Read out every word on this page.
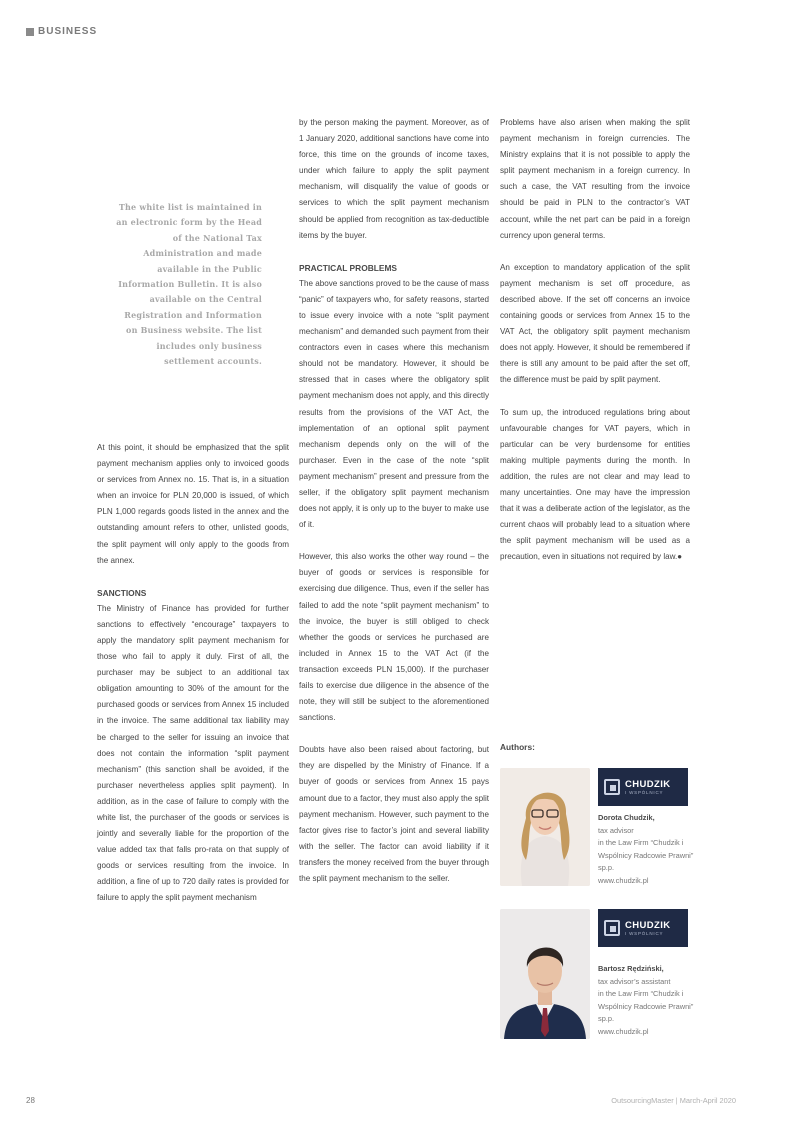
BUSINESS
The white list is maintained in an electronic form by the Head of the National Tax Administration and made available in the Public Information Bulletin. It is also available on the Central Registration and Information on Business website. The list includes only business settlement accounts.

At this point, it should be emphasized that the split payment mechanism applies only to invoiced goods or services from Annex no. 15. That is, in a situation when an invoice for PLN 20,000 is issued, of which PLN 1,000 regards goods listed in the annex and the outstanding amount refers to other, unlisted goods, the split payment will only apply to the goods from the annex.

SANCTIONS

The Ministry of Finance has provided for further sanctions to effectively “encourage” taxpayers to apply the mandatory split payment mechanism for those who fail to apply it duly. First of all, the purchaser may be subject to an additional tax obligation amounting to 30% of the amount for the purchased goods or services from Annex 15 included in the invoice. The same additional tax liability may be charged to the seller for issuing an invoice that does not contain the information “split payment mechanism” (this sanction shall be avoided, if the purchaser nevertheless applies split payment). In addition, as in the case of failure to comply with the white list, the purchaser of the goods or services is jointly and severally liable for the proportion of the value added tax that falls pro-rata on that supply of goods or services resulting from the invoice. In addition, a fine of up to 720 daily rates is provided for failure to apply the split payment mechanism

by the person making the payment. Moreover, as of 1 January 2020, additional sanctions have come into force, this time on the grounds of income taxes, under which failure to apply the split payment mechanism, will disqualify the value of goods or services to which the split payment mechanism should be applied from recognition as tax-deductible items by the buyer.

PRACTICAL PROBLEMS

The above sanctions proved to be the cause of mass “panic” of taxpayers who, for safety reasons, started to issue every invoice with a note “split payment mechanism” and demanded such payment from their contractors even in cases where this mechanism should not be mandatory. However, it should be stressed that in cases where the obligatory split payment mechanism does not apply, and this directly results from the provisions of the VAT Act, the implementation of an optional split payment mechanism depends only on the will of the purchaser. Even in the case of the note “split payment mechanism” present and pressure from the seller, if the obligatory split payment mechanism does not apply, it is only up to the buyer to make use of it.

However, this also works the other way round – the buyer of goods or services is responsible for exercising due diligence. Thus, even if the seller has failed to add the note “split payment mechanism” to the invoice, the buyer is still obliged to check whether the goods or services he purchased are included in Annex 15 to the VAT Act (if the transaction exceeds PLN 15,000). If the purchaser fails to exercise due diligence in the absence of the note, they will still be subject to the aforementioned sanctions.

Doubts have also been raised about factoring, but they are dispelled by the Ministry of Finance. If a buyer of goods or services from Annex 15 pays amount due to a factor, they must also apply the split payment mechanism. However, such payment to the factor gives rise to factor’s joint and several liability with the seller. The factor can avoid liability if it transfers the money received from the buyer through the split payment mechanism to the seller.

Problems have also arisen when making the split payment mechanism in foreign currencies. The Ministry explains that it is not possible to apply the split payment mechanism in a foreign currency. In such a case, the VAT resulting from the invoice should be paid in PLN to the contractor’s VAT account, while the net part can be paid in a foreign currency upon general terms.

An exception to mandatory application of the split payment mechanism is set off procedure, as described above. If the set off concerns an invoice containing goods or services from Annex 15 to the VAT Act, the obligatory split payment mechanism does not apply. However, it should be remembered if there is still any amount to be paid after the set off, the difference must be paid by split payment.

To sum up, the introduced regulations bring about unfavourable changes for VAT payers, which in particular can be very burdensome for entities making multiple payments during the month. In addition, the rules are not clear and may lead to many uncertainties. One may have the impression that it was a deliberate action of the legislator, as the current chaos will probably lead to a situation where the split payment mechanism will be used as a precaution, even in situations not required by law.●

Authors:
CHUDZIK
I WSPÓLNICY
Dorota Chudzik,
tax advisor
in the Law Firm “Chudzik i Wspólnicy Radcowie Prawni” sp.p.
www.chudzik.pl
CHUDZIK
I WSPÓLNICY
Bartosz Rędziński,
tax advisor’s assistant
in the Law Firm “Chudzik i Wspólnicy Radcowie Prawni” sp.p.
www.chudzik.pl
28	OutsourcingMaster | March-April 2020
